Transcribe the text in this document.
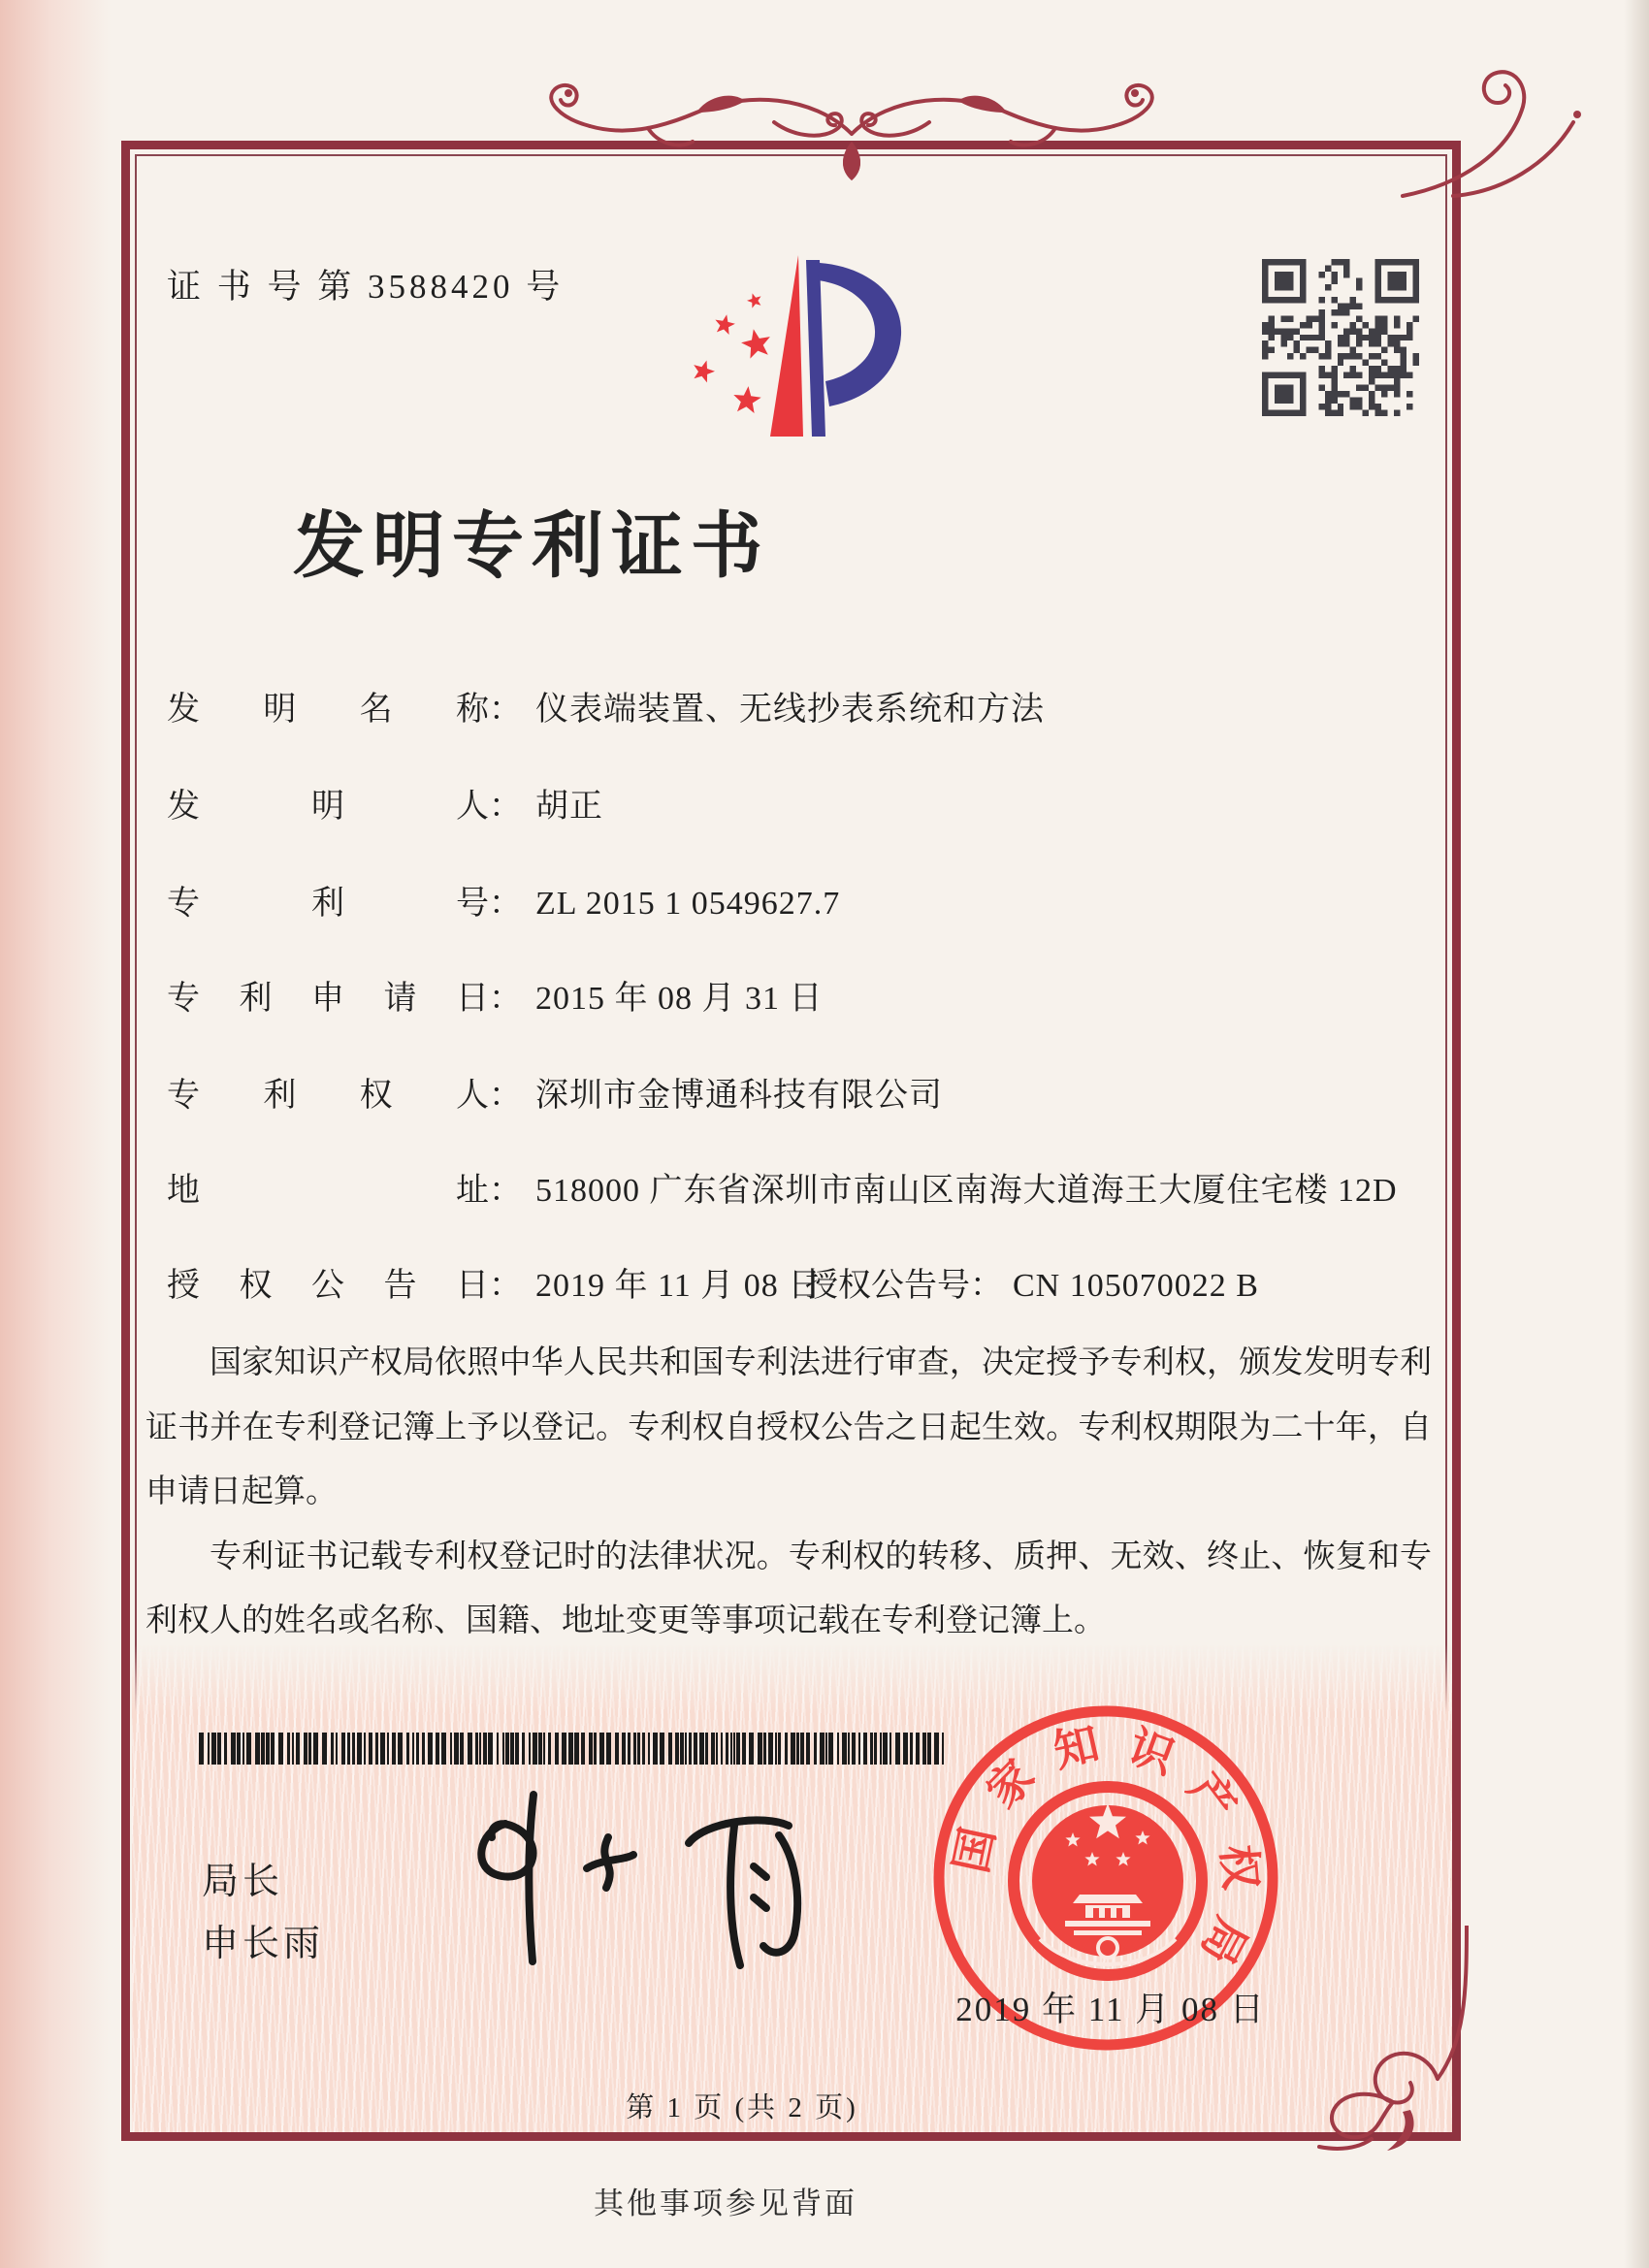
证 书 号 第 3588420 号
发明专利证书
发明名称： 仪表端装置、无线抄表系统和方法
发明人： 胡正
专利号： ZL 2015 1 0549627.7
专利申请日： 2015 年 08 月 31 日
专利权人： 深圳市金博通科技有限公司
地址： 518000 广东省深圳市南山区南海大道海王大厦住宅楼 12D
授权公告日： 2019 年 11 月 08 日
授权公告号： CN 105070022 B

国家知识产权局依照中华人民共和国专利法进行审查，决定授予专利权，颁发发明专利证书并在专利登记簿上予以登记。专利权自授权公告之日起生效。专利权期限为二十年，自申请日起算。

专利证书记载专利权登记时的法律状况。专利权的转移、质押、无效、终止、恢复和专利权人的姓名或名称、国籍、地址变更等事项记载在专利登记簿上。

局长
申长雨
国
家
知 识
产
权
局
2019 年 11 月 08 日
第 1 页 (共 2 页)
其他事项参见背面
